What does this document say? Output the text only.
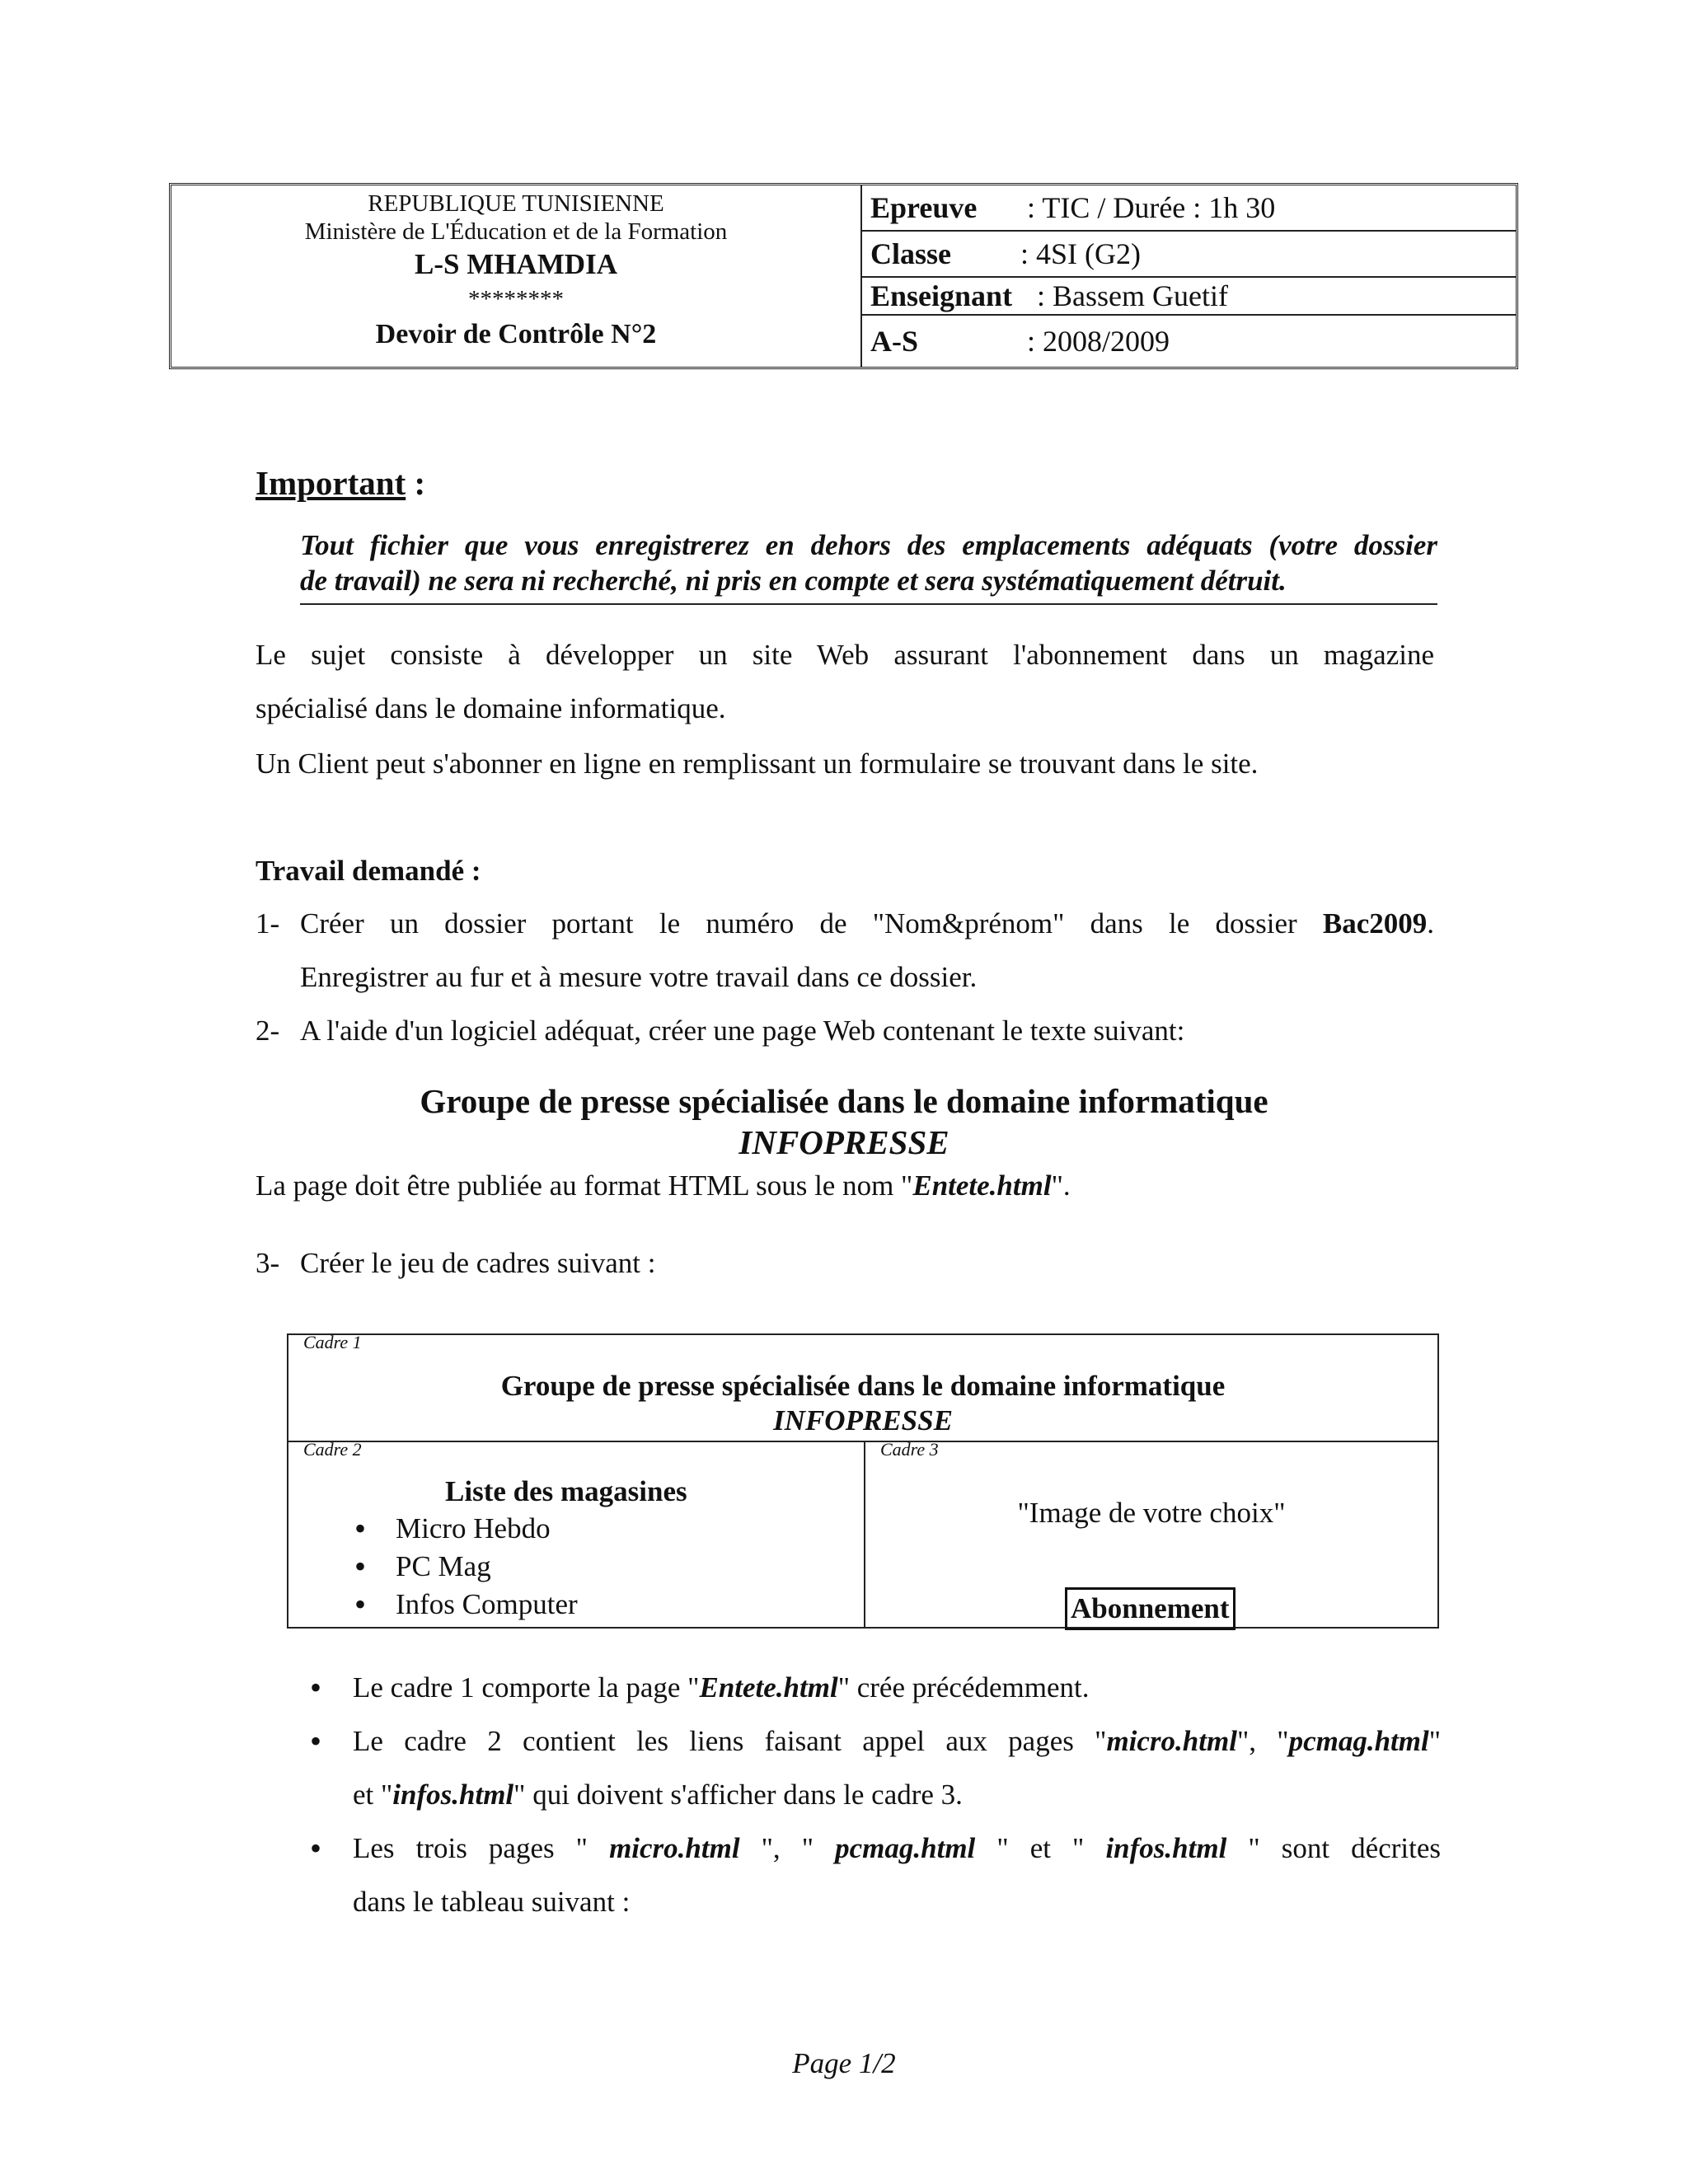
REPUBLIQUE TUNISIENNE
Ministère de L'Éducation et de la Formation
L-S MHAMDIA
********
Devoir de Contrôle N°2
Epreuve : TIC / Durée : 1h 30
Classe : 4SI (G2)
Enseignant : Bassem Guetif
A-S	: 2008/2009
Important :
Tout fichier que vous enregistrerez en dehors des emplacements adéquats (votre dossier
de travail) ne sera ni recherché, ni pris en compte et sera systématiquement détruit.
Le sujet consiste à développer un site Web assurant l'abonnement dans un magazine
spécialisé dans le domaine informatique.
Un Client peut s'abonner en ligne en remplissant un formulaire se trouvant dans le site.
Travail demandé :
1- Créer un dossier portant le numéro de "Nom&prénom" dans le dossier Bac2009.
Enregistrer au fur et à mesure votre travail dans ce dossier.
2- A l'aide d'un logiciel adéquat, créer une page Web contenant le texte suivant:
Groupe de presse spécialisée dans le domaine informatique
INFOPRESSE
La page doit être publiée au format HTML sous le nom "Entete.html".
3- Créer le jeu de cadres suivant :
Cadre 1
Groupe de presse spécialisée dans le domaine informatique
INFOPRESSE
Cadre 2
Liste des magasines
• Micro Hebdo
• PC Mag
• Infos Computer
Cadre 3
"Image de votre choix"
Abonnement
• Le cadre 1 comporte la page "Entete.html" crée précédemment.
• Le cadre 2 contient les liens faisant appel aux pages "micro.html", "pcmag.html"
et "infos.html" qui doivent s'afficher dans le cadre 3.
• Les trois pages " micro.html ", " pcmag.html " et " infos.html " sont décrites
dans le tableau suivant :
Page 1/2
